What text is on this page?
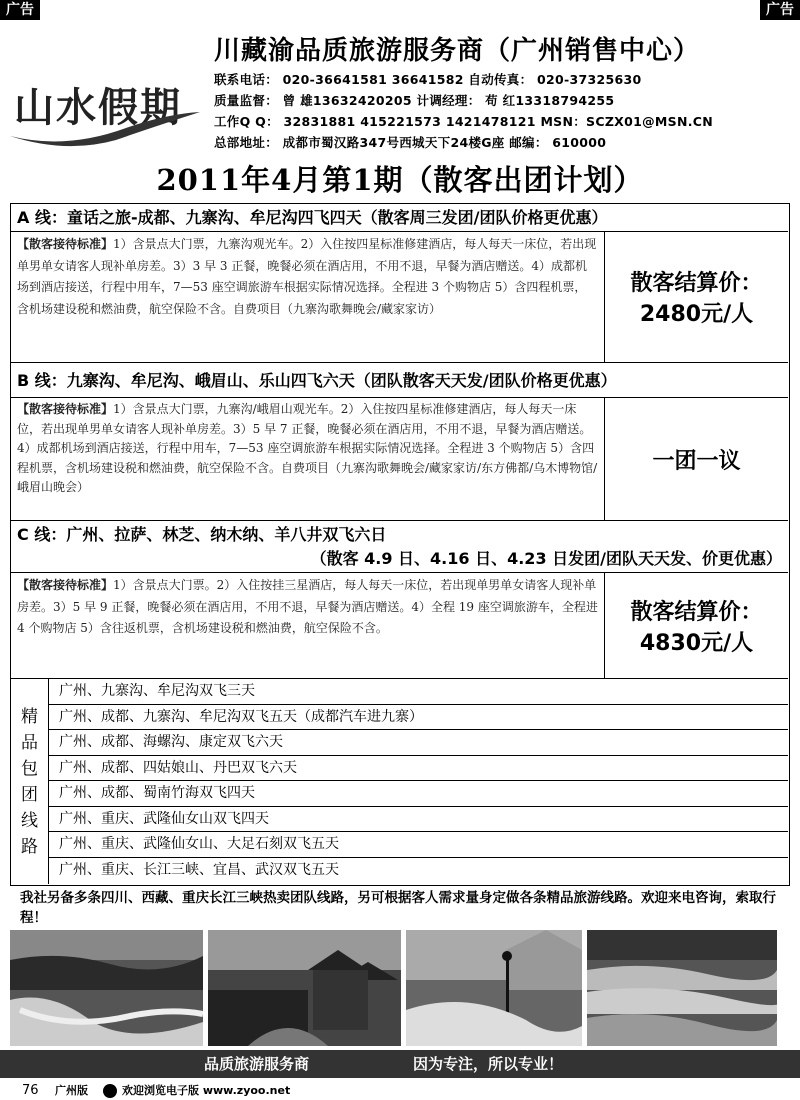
广告	广告
山水假期
川藏渝品质旅游服务商（广州销售中心）
联系电话： 020-36641581 36641582 自动传真： 020-37325630
质量监督： 曾 雄13632420205 计调经理： 苟 红13318794255
工作Q Q： 32831881 415221573 1421478121 MSN：SCZX01@MSN.CN
总部地址： 成都市蜀汉路347号西城天下24楼G座 邮编： 610000
2011年4月第1期（散客出团计划）
A 线：童话之旅-成都、九寨沟、牟尼沟四飞四天（散客周三发团/团队价格更优惠）
【散客接待标准】1）含景点大门票，九寨沟观光车。2）入住按四星标准修建酒店，每人每天一床位，若出现单男单女请客人现补单房差。3）3 早 3 正餐，晚餐必须在酒店用，不用不退，早餐为酒店赠送。4）成都机场到酒店接送，行程中用车，7—53 座空调旅游车根据实际情况选择。全程进 3 个购物店 5）含四程机票，含机场建设税和燃油费，航空保险不含。自费项目（九寨沟歌舞晚会/藏家家访）
散客结算价：
2480元/人
B 线：九寨沟、牟尼沟、峨眉山、乐山四飞六天（团队散客天天发/团队价格更优惠）
【散客接待标准】1）含景点大门票，九寨沟/峨眉山观光车。2）入住按四星标准修建酒店，每人每天一床位，若出现单男单女请客人现补单房差。3）5 早 7 正餐，晚餐必须在酒店用，不用不退，早餐为酒店赠送。4）成都机场到酒店接送，行程中用车，7—53 座空调旅游车根据实际情况选择。全程进 3 个购物店 5）含四程机票，含机场建设税和燃油费，航空保险不含。自费项目（九寨沟歌舞晚会/藏家家访/东方佛都/乌木博物馆/峨眉山晚会）
一团一议
C 线：广州、拉萨、林芝、纳木纳、羊八井双飞六日
（散客 4.9 日、4.16 日、4.23 日发团/团队天天发、价更优惠）
【散客接待标准】1）含景点大门票。2）入住按挂三星酒店，每人每天一床位，若出现单男单女请客人现补单房差。3）5 早 9 正餐，晚餐必须在酒店用，不用不退，早餐为酒店赠送。4）全程 19 座空调旅游车，全程进 4 个购物店 5）含往返机票，含机场建设税和燃油费，航空保险不含。
散客结算价：
4830元/人
精
品
包
团
线
路
广州、九寨沟、牟尼沟双飞三天
广州、成都、九寨沟、牟尼沟双飞五天（成都汽车进九寨）
广州、成都、海螺沟、康定双飞六天
广州、成都、四姑娘山、丹巴双飞六天
广州、成都、蜀南竹海双飞四天
广州、重庆、武隆仙女山双飞四天
广州、重庆、武隆仙女山、大足石刻双飞五天
广州、重庆、长江三峡、宜昌、武汉双飞五天
我社另备多条四川、西藏、重庆长江三峡热卖团队线路，另可根据客人需求量身定做各条精品旅游线路。欢迎来电咨询，索取行程！
品质旅游服务商	因为专注，所以专业！
76 广州版	欢迎浏览电子版 www.zyoo.net
